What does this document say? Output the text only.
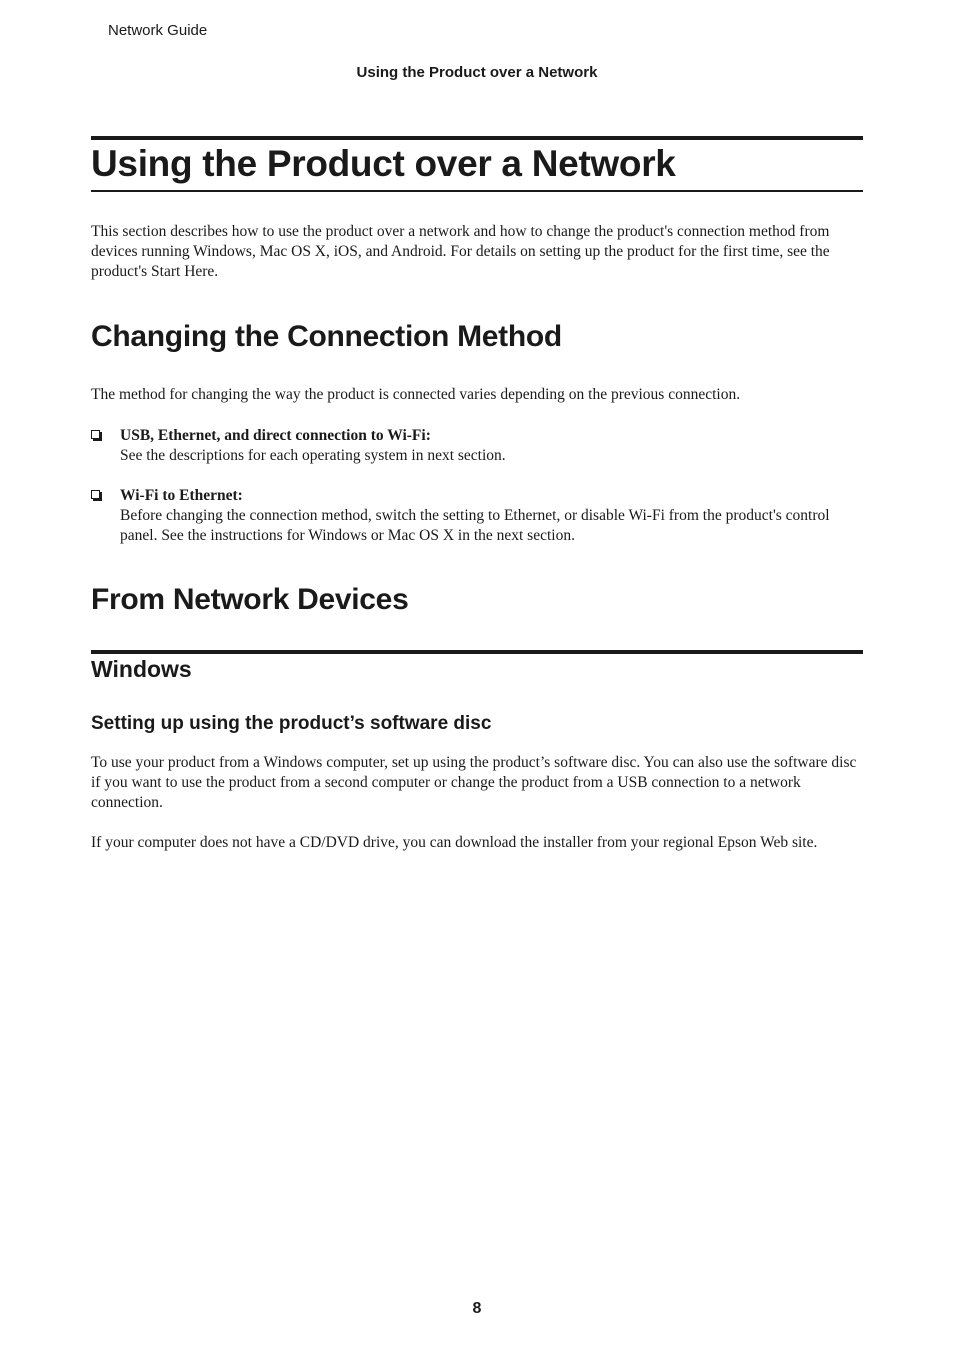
Network Guide
Using the Product over a Network
Using the Product over a Network

This section describes how to use the product over a network and how to change the product's connection method from devices running Windows, Mac OS X, iOS, and Android. For details on setting up the product for the first time, see the product's Start Here.

Changing the Connection Method

The method for changing the way the product is connected varies depending on the previous connection.

USB, Ethernet, and direct connection to Wi-Fi:
See the descriptions for each operating system in next section.
Wi-Fi to Ethernet:
Before changing the connection method, switch the setting to Ethernet, or disable Wi-Fi from the product's control panel. See the instructions for Windows or Mac OS X in the next section.
From Network Devices
Windows
Setting up using the product’s software disc

To use your product from a Windows computer, set up using the product’s software disc. You can also use the software disc if you want to use the product from a second computer or change the product from a USB connection to a network connection.

If your computer does not have a CD/DVD drive, you can download the installer from your regional Epson Web site.

8
